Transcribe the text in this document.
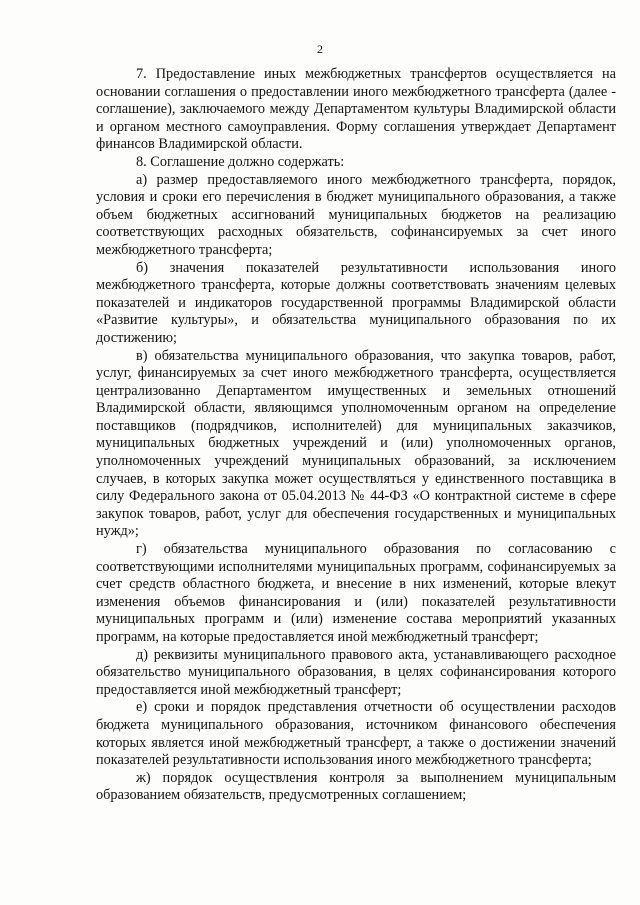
2

7. Предоставление иных межбюджетных трансфертов осуществляется на основании соглашения о предоставлении иного межбюджетного трансферта (далее - соглашение), заключаемого между Департаментом культуры Владимирской области и органом местного самоуправления. Форму соглашения утверждает Департамент финансов Владимирской области.

8. Соглашение должно содержать:

а) размер предоставляемого иного межбюджетного трансферта, порядок, условия и сроки его перечисления в бюджет муниципального образования, а также объем бюджетных ассигнований муниципальных бюджетов на реализацию соответствующих расходных обязательств, софинансируемых за счет иного межбюджетного трансферта;

б) значения показателей результативности использования иного межбюджетного трансферта, которые должны соответствовать значениям целевых показателей и индикаторов государственной программы Владимирской области «Развитие культуры», и обязательства муниципального образования по их достижению;

в) обязательства муниципального образования, что закупка товаров, работ, услуг, финансируемых за счет иного межбюджетного трансферта, осуществляется централизованно Департаментом имущественных и земельных отношений Владимирской области, являющимся уполномоченным органом на определение поставщиков (подрядчиков, исполнителей) для муниципальных заказчиков, муниципальных бюджетных учреждений и (или) уполномоченных органов, уполномоченных учреждений муниципальных образований, за исключением случаев, в которых закупка может осуществляться у единственного поставщика в силу Федерального закона от 05.04.2013 № 44-ФЗ «О контрактной системе в сфере закупок товаров, работ, услуг для обеспечения государственных и муниципальных нужд»;

г) обязательства муниципального образования по согласованию с соответствующими исполнителями муниципальных программ, софинансируемых за счет средств областного бюджета, и внесение в них изменений, которые влекут изменения объемов финансирования и (или) показателей результативности муниципальных программ и (или) изменение состава мероприятий указанных программ, на которые предоставляется иной межбюджетный трансферт;

д) реквизиты муниципального правового акта, устанавливающего расходное обязательство муниципального образования, в целях софинансирования которого предоставляется иной межбюджетный трансферт;

е) сроки и порядок представления отчетности об осуществлении расходов бюджета муниципального образования, источником финансового обеспечения которых является иной межбюджетный трансферт, а также о достижении значений показателей результативности использования иного межбюджетного трансферта;

ж) порядок осуществления контроля за выполнением муниципальным образованием обязательств, предусмотренных соглашением;
